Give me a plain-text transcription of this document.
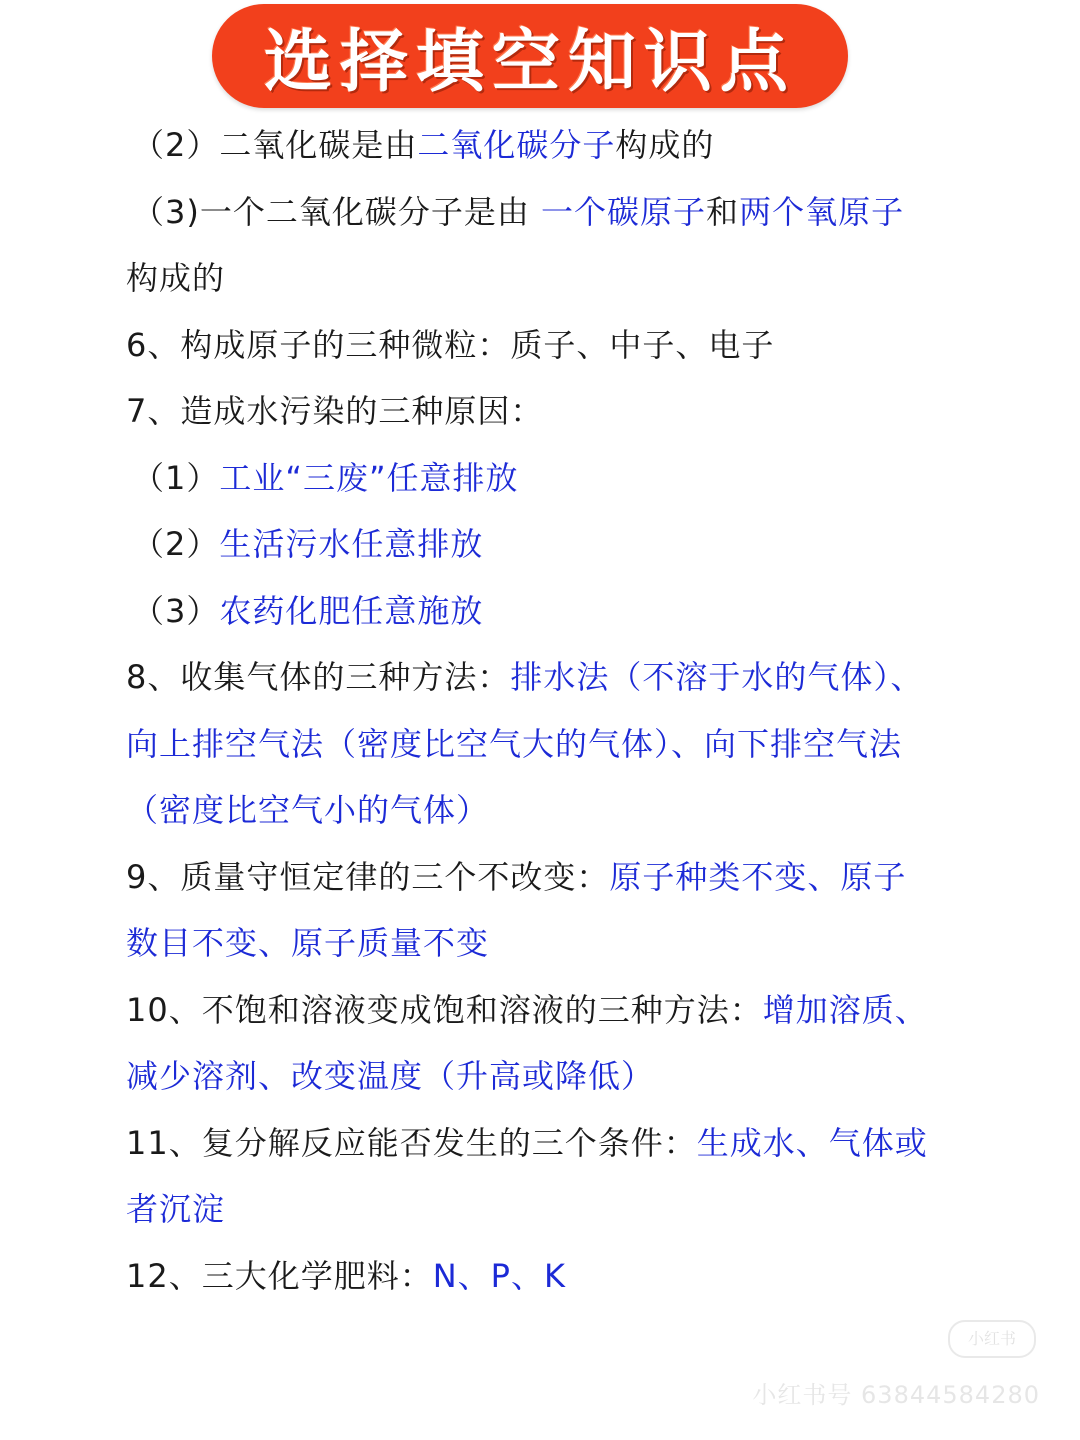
选择填空知识点
（2）二氧化碳是由二氧化碳分子构成的
（3)一个二氧化碳分子是由 一个碳原子和两个氧原子
构成的
6、构成原子的三种微粒：质子、中子、电子
7、造成水污染的三种原因：
（1）工业“三废”任意排放
（2）生活污水任意排放
（3）农药化肥任意施放
8、收集气体的三种方法：排水法（不溶于水的气体）、
向上排空气法（密度比空气大的气体）、向下排空气法
（密度比空气小的气体）
9、质量守恒定律的三个不改变：原子种类不变、原子
数目不变、原子质量不变
10、不饱和溶液变成饱和溶液的三种方法：增加溶质、
减少溶剂、改变温度（升高或降低）
11、复分解反应能否发生的三个条件：生成水、气体或
者沉淀
12、三大化学肥料：N、P、K
小红书
小红书号 63844584280
